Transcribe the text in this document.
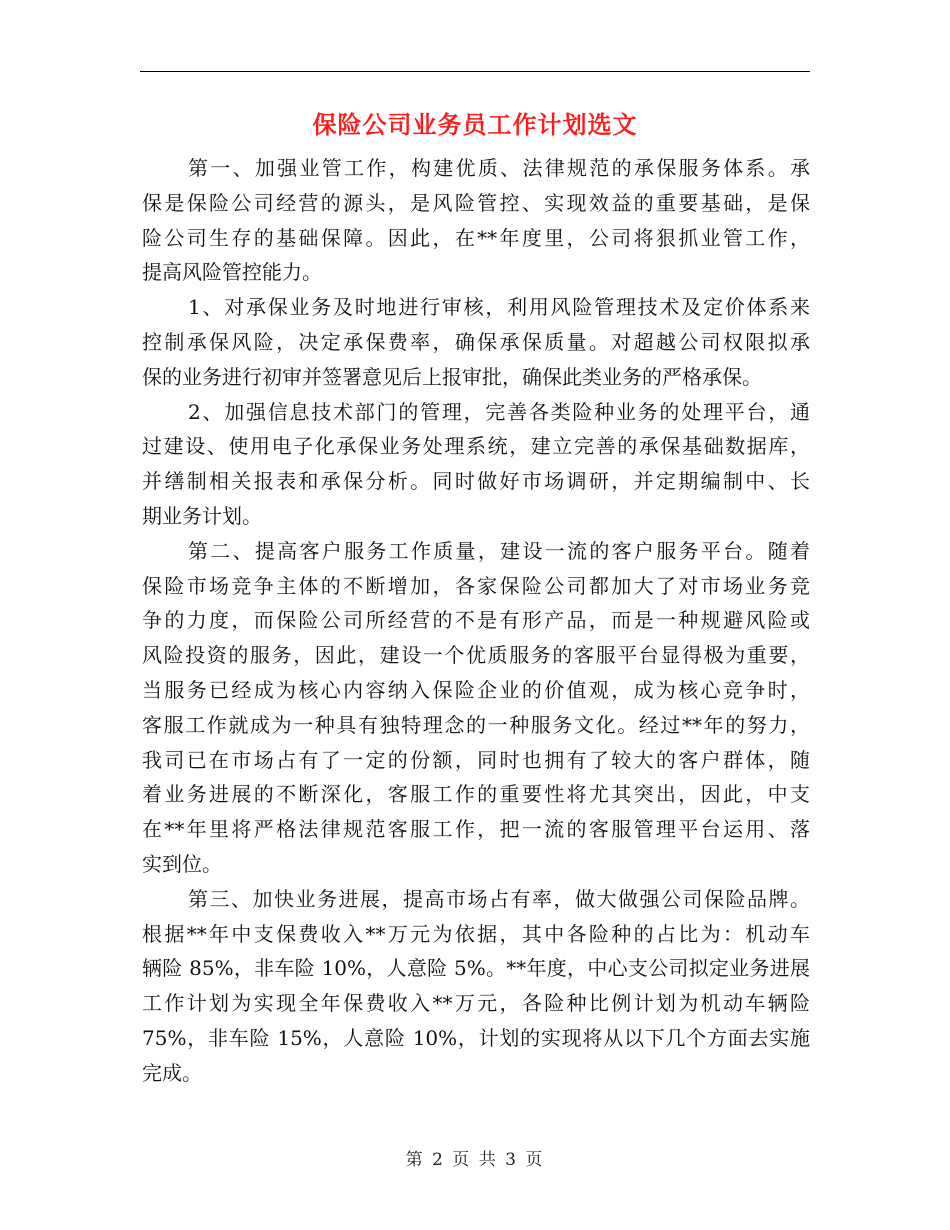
保险公司业务员工作计划选文
第一、加强业管工作，构建优质、法律规范的承保服务体系。承
保是保险公司经营的源头，是风险管控、实现效益的重要基础，是保
险公司生存的基础保障。因此，在**年度里，公司将狠抓业管工作，
提高风险管控能力。
1、对承保业务及时地进行审核，利用风险管理技术及定价体系来
控制承保风险，决定承保费率，确保承保质量。对超越公司权限拟承
保的业务进行初审并签署意见后上报审批，确保此类业务的严格承保。
2、加强信息技术部门的管理，完善各类险种业务的处理平台，通
过建设、使用电子化承保业务处理系统，建立完善的承保基础数据库，
并缮制相关报表和承保分析。同时做好市场调研，并定期编制中、长
期业务计划。
第二、提高客户服务工作质量，建设一流的客户服务平台。随着
保险市场竞争主体的不断增加，各家保险公司都加大了对市场业务竞
争的力度，而保险公司所经营的不是有形产品，而是一种规避风险或
风险投资的服务，因此，建设一个优质服务的客服平台显得极为重要，
当服务已经成为核心内容纳入保险企业的价值观，成为核心竞争时，
客服工作就成为一种具有独特理念的一种服务文化。经过**年的努力，
我司已在市场占有了一定的份额，同时也拥有了较大的客户群体，随
着业务进展的不断深化，客服工作的重要性将尤其突出，因此，中支
在**年里将严格法律规范客服工作，把一流的客服管理平台运用、落
实到位。
第三、加快业务进展，提高市场占有率，做大做强公司保险品牌。
根据**年中支保费收入**万元为依据，其中各险种的占比为：机动车
辆险 85%，非车险 10%，人意险 5%。**年度，中心支公司拟定业务进展
工作计划为实现全年保费收入**万元，各险种比例计划为机动车辆险
75%，非车险 15%，人意险 10%，计划的实现将从以下几个方面去实施
完成。
第 2 页 共 3 页
